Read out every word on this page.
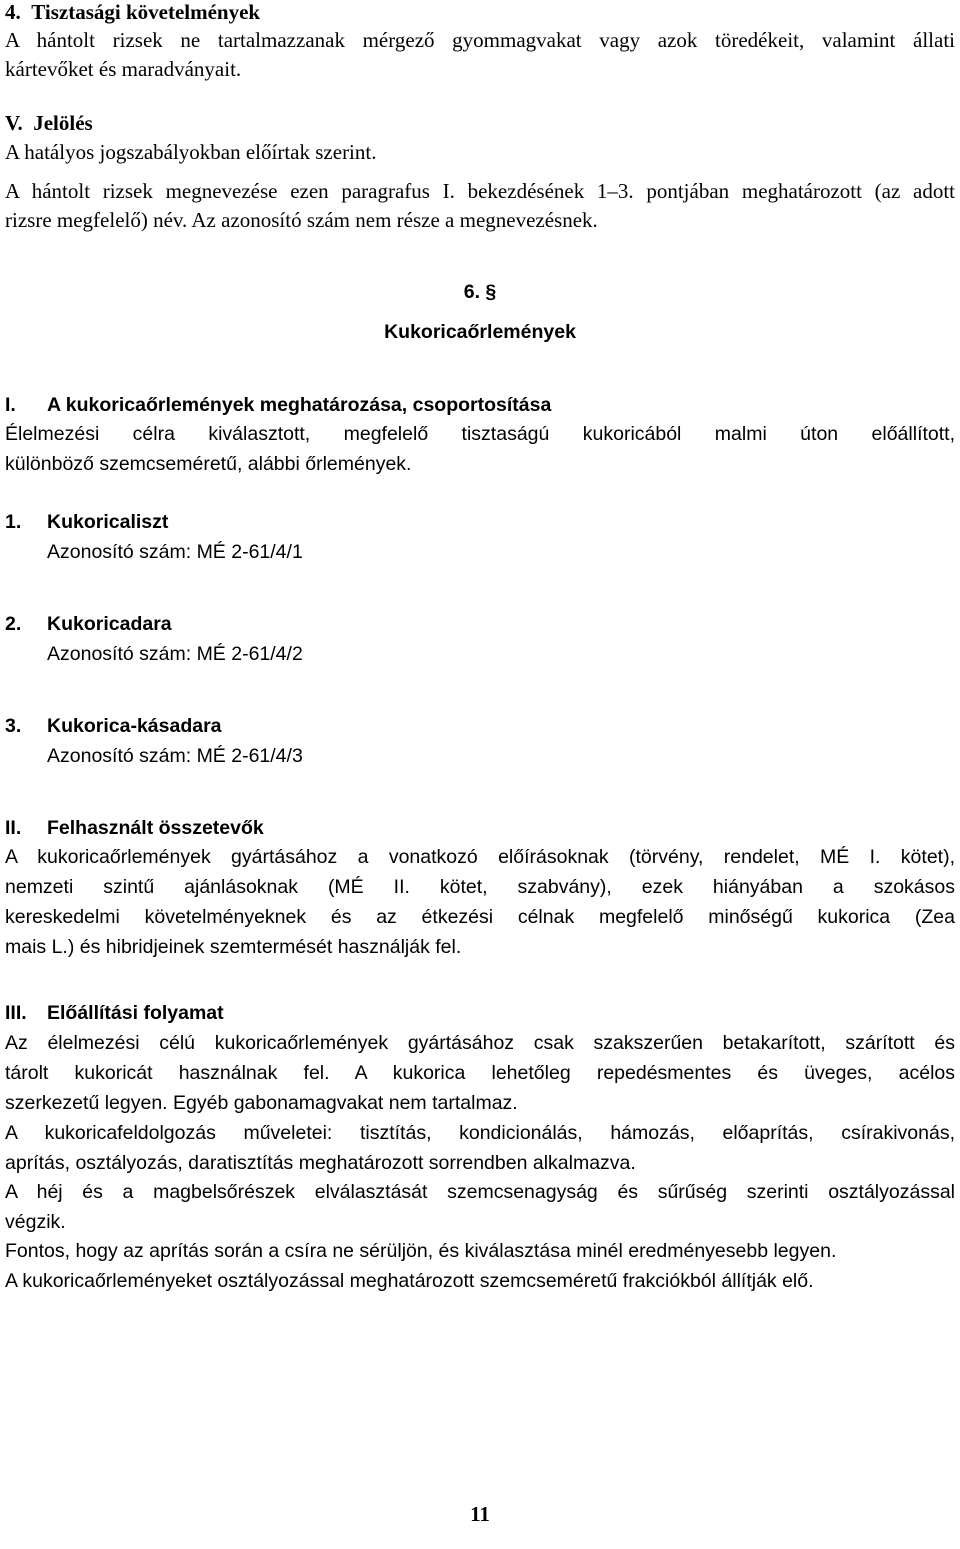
4.  Tisztasági követelmények
A hántolt rizsek ne tartalmazzanak mérgező gyommagvakat vagy azok töredékeit, valamint állati
kártevőket és maradványait.
V.  Jelölés
A hatályos jogszabályokban előírtak szerint.
A hántolt rizsek megnevezése ezen paragrafus I. bekezdésének 1–3. pontjában meghatározott (az adott
rizsre megfelelő) név. Az azonosító szám nem része a megnevezésnek.
6. §
Kukoricaőrlemények
I. A kukoricaőrlemények meghatározása, csoportosítása
Élelmezési célra kiválasztott, megfelelő tisztaságú kukoricából malmi úton előállított,
különböző szemcseméretű, alábbi őrlemények.
1. Kukoricaliszt
Azonosító szám: MÉ 2-61/4/1
2. Kukoricadara
Azonosító szám: MÉ 2-61/4/2
3. Kukorica-kásadara
Azonosító szám: MÉ 2-61/4/3
II. Felhasznált összetevők
A kukoricaőrlemények gyártásához a vonatkozó előírásoknak (törvény, rendelet, MÉ I. kötet),
nemzeti szintű ajánlásoknak (MÉ II. kötet, szabvány), ezek hiányában a szokásos
kereskedelmi követelményeknek és az étkezési célnak megfelelő minőségű kukorica (Zea
mais L.) és hibridjeinek szemtermését használják fel.
III. Előállítási folyamat
Az élelmezési célú kukoricaőrlemények gyártásához csak szakszerűen betakarított, szárított és
tárolt kukoricát használnak fel. A kukorica lehetőleg repedésmentes és üveges, acélos
szerkezetű legyen. Egyéb gabonamagvakat nem tartalmaz.
A kukoricafeldolgozás műveletei: tisztítás, kondicionálás, hámozás, előaprítás, csírakivonás,
aprítás, osztályozás, daratisztítás meghatározott sorrendben alkalmazva.
A héj és a magbelsőrészek elválasztását szemcsenagyság és sűrűség szerinti osztályozással
végzik.
Fontos, hogy az aprítás során a csíra ne sérüljön, és kiválasztása minél eredményesebb legyen.
A kukoricaőrleményeket osztályozással meghatározott szemcseméretű frakciókból állítják elő.
11
